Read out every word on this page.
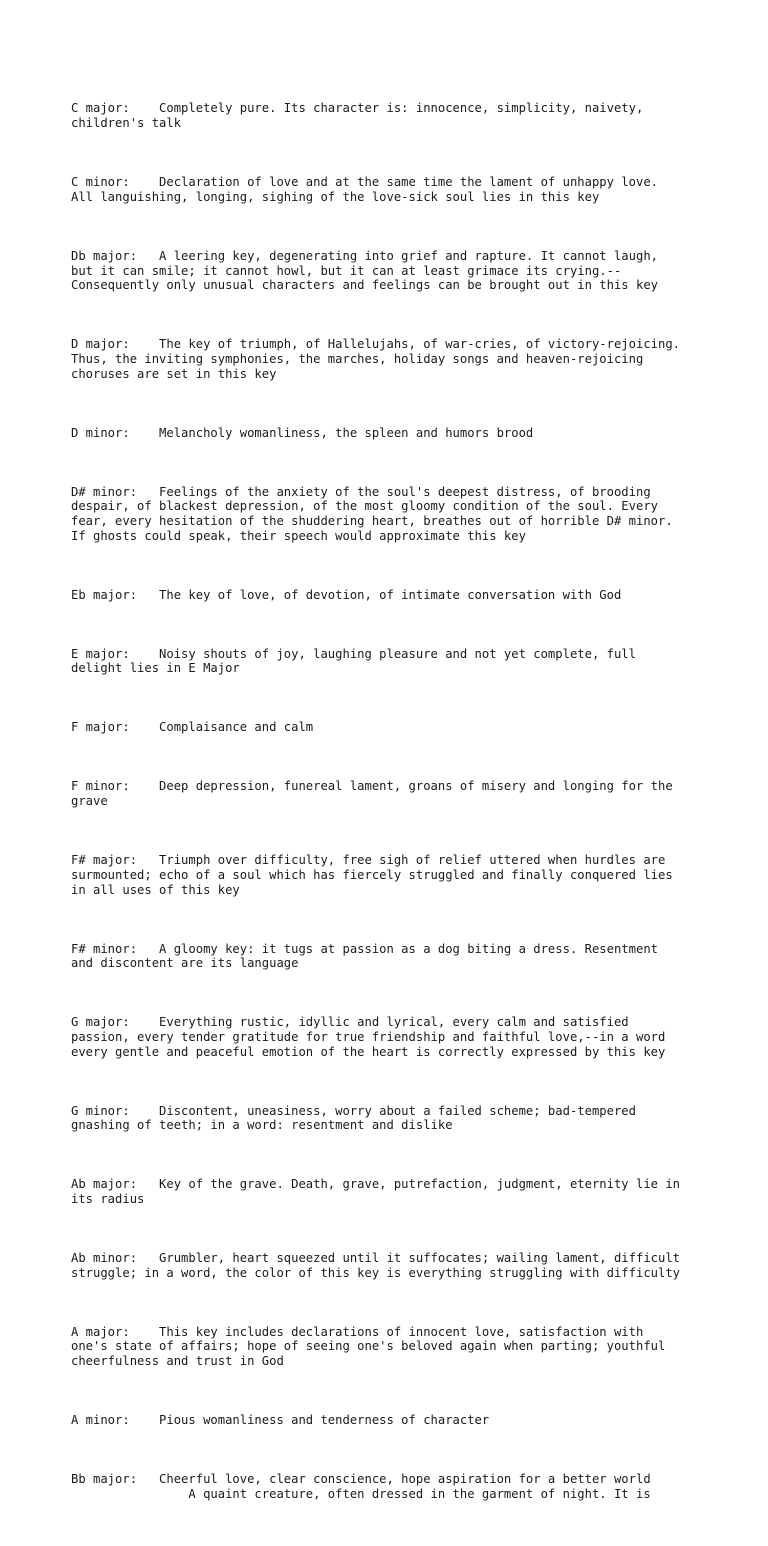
C major:    Completely pure. Its character is: innocence, simplicity, naivety,
children's talk

C minor:    Declaration of love and at the same time the lament of unhappy love.
All languishing, longing, sighing of the love-sick soul lies in this key

Db major:   A leering key, degenerating into grief and rapture. It cannot laugh,
but it can smile; it cannot howl, but it can at least grimace its crying.--
Consequently only unusual characters and feelings can be brought out in this key

D major:    The key of triumph, of Hallelujahs, of war-cries, of victory-rejoicing.
Thus, the inviting symphonies, the marches, holiday songs and heaven-rejoicing
choruses are set in this key

D minor:    Melancholy womanliness, the spleen and humors brood

D# minor:   Feelings of the anxiety of the soul's deepest distress, of brooding
despair, of blackest depression, of the most gloomy condition of the soul. Every
fear, every hesitation of the shuddering heart, breathes out of horrible D# minor.
If ghosts could speak, their speech would approximate this key

Eb major:   The key of love, of devotion, of intimate conversation with God

E major:    Noisy shouts of joy, laughing pleasure and not yet complete, full
delight lies in E Major

F major:    Complaisance and calm

F minor:    Deep depression, funereal lament, groans of misery and longing for the
grave

F# major:   Triumph over difficulty, free sigh of relief uttered when hurdles are
surmounted; echo of a soul which has fiercely struggled and finally conquered lies
in all uses of this key

F# minor:   A gloomy key: it tugs at passion as a dog biting a dress. Resentment
and discontent are its language

G major:    Everything rustic, idyllic and lyrical, every calm and satisfied
passion, every tender gratitude for true friendship and faithful love,--in a word
every gentle and peaceful emotion of the heart is correctly expressed by this key

G minor:    Discontent, uneasiness, worry about a failed scheme; bad-tempered
gnashing of teeth; in a word: resentment and dislike

Ab major:   Key of the grave. Death, grave, putrefaction, judgment, eternity lie in
its radius

Ab minor:   Grumbler, heart squeezed until it suffocates; wailing lament, difficult
struggle; in a word, the color of this key is everything struggling with difficulty

A major:    This key includes declarations of innocent love, satisfaction with
one's state of affairs; hope of seeing one's beloved again when parting; youthful
cheerfulness and trust in God

A minor:    Pious womanliness and tenderness of character

Bb major:   Cheerful love, clear conscience, hope aspiration for a better world
A quaint creature, often dressed in the garment of night. It is
